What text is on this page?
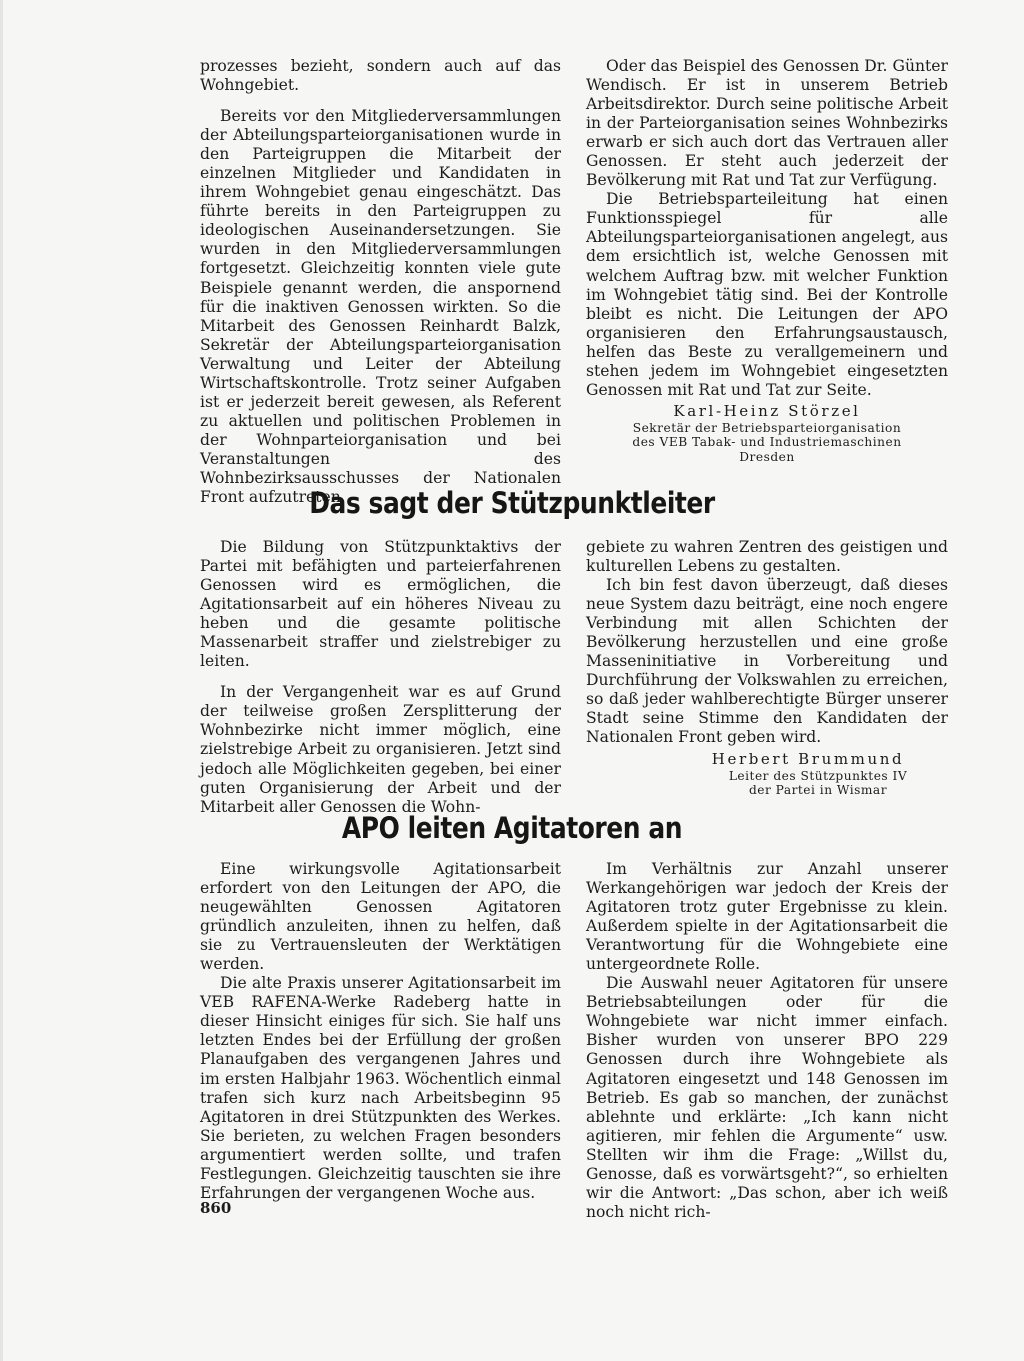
prozesses bezieht, sondern auch auf das Wohngebiet.

Bereits vor den Mitgliederversammlungen der Abteilungsparteiorganisationen wurde in den Parteigruppen die Mitarbeit der einzelnen Mitglieder und Kandidaten in ihrem Wohngebiet genau eingeschätzt. Das führte bereits in den Parteigruppen zu ideologischen Auseinandersetzungen. Sie wurden in den Mitgliederversammlungen fortgesetzt. Gleichzeitig konnten viele gute Beispiele genannt werden, die anspornend für die inaktiven Genossen wirkten. So die Mitarbeit des Genossen Reinhardt Balzk, Sekretär der Abteilungsparteiorganisation Verwaltung und Leiter der Abteilung Wirtschaftskontrolle. Trotz seiner Aufgaben ist er jederzeit bereit gewesen, als Referent zu aktuellen und politischen Problemen in der Wohnparteiorganisation und bei Veranstaltungen des Wohnbezirksausschusses der Nationalen Front aufzutreten.

Oder das Beispiel des Genossen Dr. Günter Wendisch. Er ist in unserem Betrieb Arbeitsdirektor. Durch seine politische Arbeit in der Parteiorganisation seines Wohnbezirks erwarb er sich auch dort das Vertrauen aller Genossen. Er steht auch jederzeit der Bevölkerung mit Rat und Tat zur Verfügung.

Die Betriebsparteileitung hat einen Funktionsspiegel für alle Abteilungsparteiorganisationen angelegt, aus dem ersichtlich ist, welche Genossen mit welchem Auftrag bzw. mit welcher Funktion im Wohngebiet tätig sind. Bei der Kontrolle bleibt es nicht. Die Leitungen der APO organisieren den Erfahrungsaustausch, helfen das Beste zu verallgemeinern und stehen jedem im Wohngebiet eingesetzten Genossen mit Rat und Tat zur Seite.

Karl-Heinz Störzel
Sekretär der Betriebsparteiorganisation
des VEB Tabak- und Industriemaschinen
Dresden
Das sagt der Stützpunktleiter

Die Bildung von Stützpunktaktivs der Partei mit befähigten und parteierfahrenen Genossen wird es ermöglichen, die Agitationsarbeit auf ein höheres Niveau zu heben und die gesamte politische Massenarbeit straffer und zielstrebiger zu leiten.

In der Vergangenheit war es auf Grund der teilweise großen Zersplitterung der Wohnbezirke nicht immer möglich, eine zielstrebige Arbeit zu organisieren. Jetzt sind jedoch alle Möglichkeiten gegeben, bei einer guten Organisierung der Arbeit und der Mitarbeit aller Genossen die Wohn-

gebiete zu wahren Zentren des geistigen und kulturellen Lebens zu gestalten.

Ich bin fest davon überzeugt, daß dieses neue System dazu beiträgt, eine noch engere Verbindung mit allen Schichten der Bevölkerung herzustellen und eine große Masseninitiative in Vorbereitung und Durchführung der Volkswahlen zu erreichen, so daß jeder wahlberechtigte Bürger unserer Stadt seine Stimme den Kandidaten der Nationalen Front geben wird.

Herbert Brummund
Leiter des Stützpunktes IV
der Partei in Wismar
APO leiten Agitatoren an

Eine wirkungsvolle Agitationsarbeit erfordert von den Leitungen der APO, die neugewählten Genossen Agitatoren gründlich anzuleiten, ihnen zu helfen, daß sie zu Vertrauensleuten der Werktätigen werden.

Die alte Praxis unserer Agitationsarbeit im VEB RAFENA-Werke Radeberg hatte in dieser Hinsicht einiges für sich. Sie half uns letzten Endes bei der Erfüllung der großen Planaufgaben des vergangenen Jahres und im ersten Halbjahr 1963. Wöchentlich einmal trafen sich kurz nach Arbeitsbeginn 95 Agitatoren in drei Stützpunkten des Werkes. Sie berieten, zu welchen Fragen besonders argumentiert werden sollte, und trafen Festlegungen. Gleichzeitig tauschten sie ihre Erfahrungen der vergangenen Woche aus.

Im Verhältnis zur Anzahl unserer Werkangehörigen war jedoch der Kreis der Agitatoren trotz guter Ergebnisse zu klein. Außerdem spielte in der Agitationsarbeit die Verantwortung für die Wohngebiete eine untergeordnete Rolle.

Die Auswahl neuer Agitatoren für unsere Betriebsabteilungen oder für die Wohngebiete war nicht immer einfach. Bisher wurden von unserer BPO 229 Genossen durch ihre Wohngebiete als Agitatoren eingesetzt und 148 Genossen im Betrieb. Es gab so manchen, der zunächst ablehnte und erklärte: „Ich kann nicht agitieren, mir fehlen die Argumente“ usw. Stellten wir ihm die Frage: „Willst du, Genosse, daß es vorwärtsgeht?“, so erhielten wir die Antwort: „Das schon, aber ich weiß noch nicht rich-

860
